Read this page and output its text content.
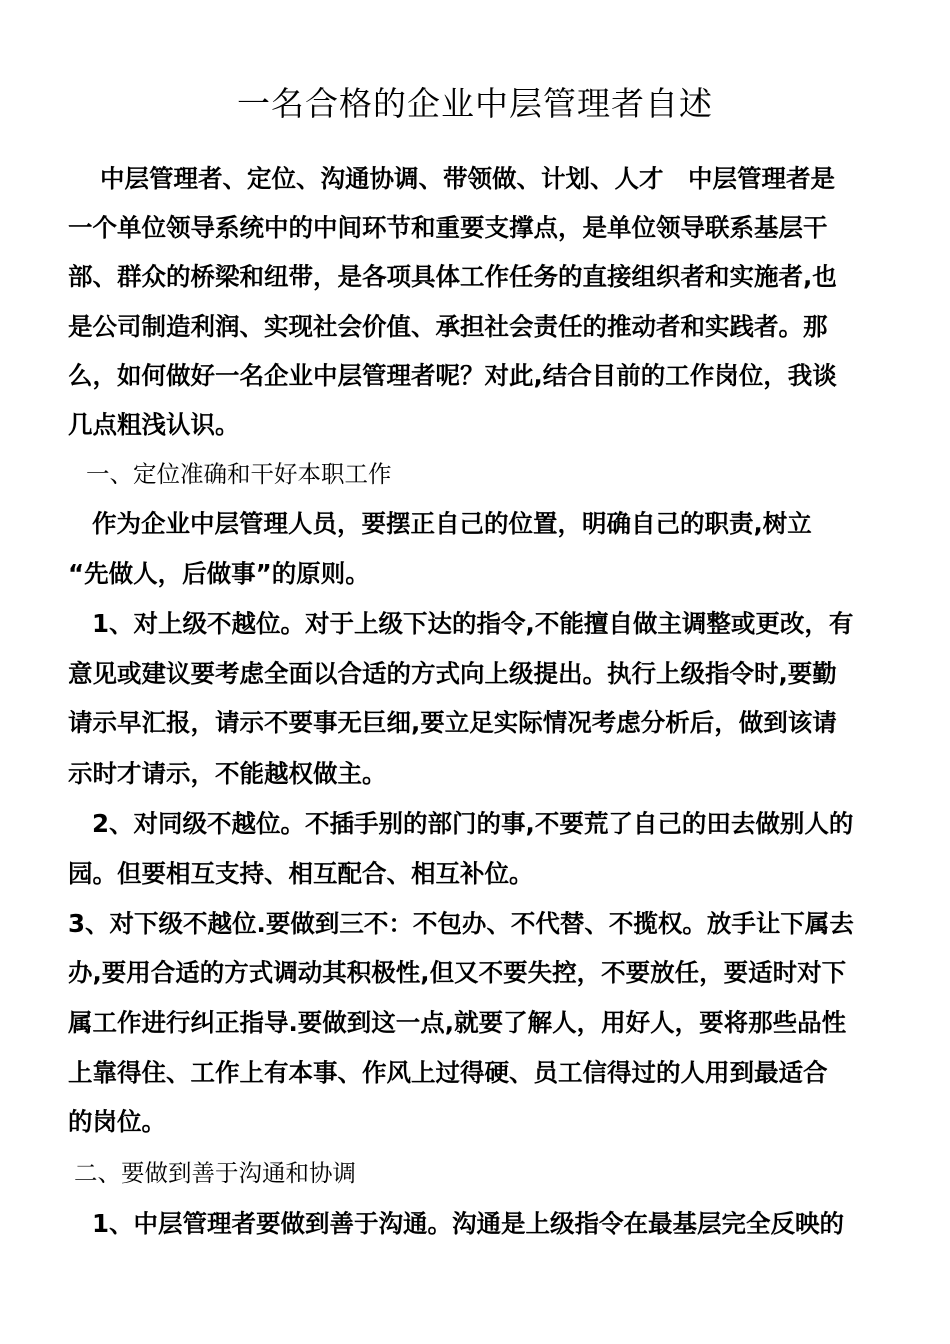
一名合格的企业中层管理者自述
中层管理者、定位、沟通协调、带领做、计划、人才　中层管理者是
一个单位领导系统中的中间环节和重要支撑点，是单位领导联系基层干
部、群众的桥梁和纽带，是各项具体工作任务的直接组织者和实施者,也
是公司制造利润、实现社会价值、承担社会责任的推动者和实践者。那
么，如何做好一名企业中层管理者呢？对此,结合目前的工作岗位，我谈
几点粗浅认识。
一、定位准确和干好本职工作
作为企业中层管理人员，要摆正自己的位置，明确自己的职责,树立
“先做人，后做事”的原则。
1、对上级不越位。对于上级下达的指令,不能擅自做主调整或更改，有
意见或建议要考虑全面以合适的方式向上级提出。执行上级指令时,要勤
请示早汇报，请示不要事无巨细,要立足实际情况考虑分析后，做到该请
示时才请示，不能越权做主。
2、对同级不越位。不插手别的部门的事,不要荒了自己的田去做别人的
园。但要相互支持、相互配合、相互补位。
3、对下级不越位.要做到三不：不包办、不代替、不揽权。放手让下属去
办,要用合适的方式调动其积极性,但又不要失控，不要放任，要适时对下
属工作进行纠正指导.要做到这一点,就要了解人，用好人，要将那些品性
上靠得住、工作上有本事、作风上过得硬、员工信得过的人用到最适合
的岗位。
二、要做到善于沟通和协调
1、中层管理者要做到善于沟通。沟通是上级指令在最基层完全反映的
